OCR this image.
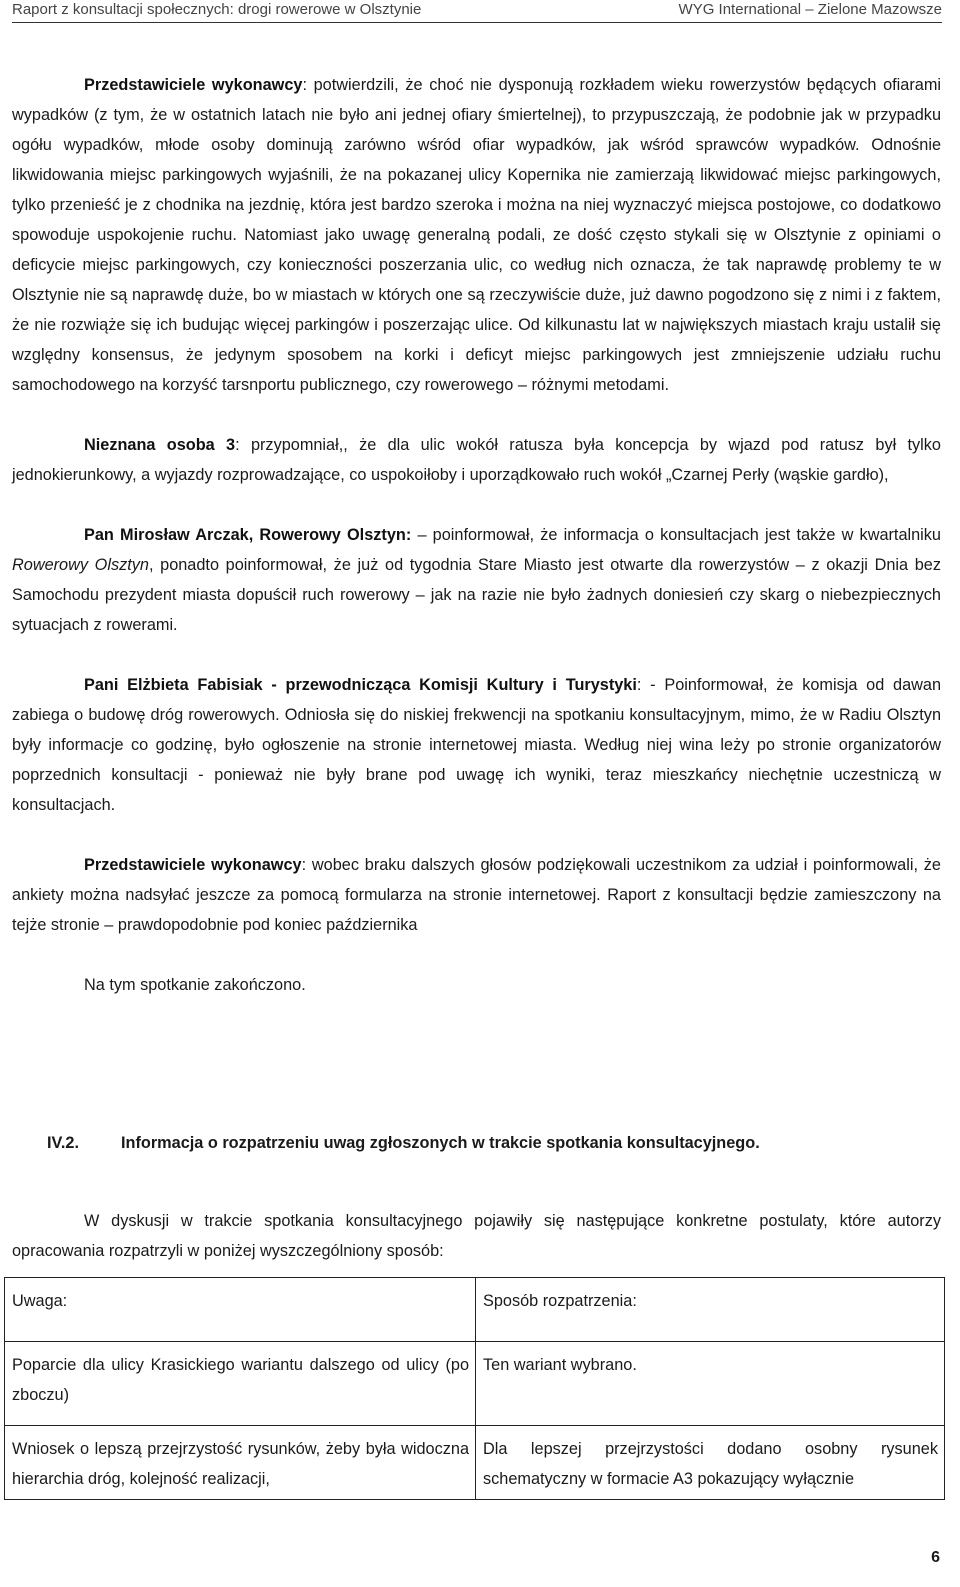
Raport z konsultacji społecznych: drogi rowerowe w Olsztynie	WYG International – Zielone Mazowsze

Przedstawiciele wykonawcy: potwierdzili, że choć nie dysponują rozkładem wieku rowerzystów będących ofiarami wypadków (z tym, że w ostatnich latach nie było ani jednej ofiary śmiertelnej), to przypuszczają, że podobnie jak w przypadku ogółu wypadków, młode osoby dominują zarówno wśród ofiar wypadków, jak wśród sprawców wypadków. Odnośnie likwidowania miejsc parkingowych wyjaśnili, że na pokazanej ulicy Kopernika nie zamierzają likwidować miejsc parkingowych, tylko przenieść je z chodnika na jezdnię, która jest bardzo szeroka i można na niej wyznaczyć miejsca postojowe, co dodatkowo spowoduje uspokojenie ruchu. Natomiast jako uwagę generalną podali, ze dość często stykali się w Olsztynie z opiniami o deficycie miejsc parkingowych, czy konieczności poszerzania ulic, co według nich oznacza, że tak naprawdę problemy te w Olsztynie nie są naprawdę duże, bo w miastach w których one są rzeczywiście duże, już dawno pogodzono się z nimi i z faktem, że nie rozwiąże się ich budując więcej parkingów i poszerzając ulice. Od kilkunastu lat w największych miastach kraju ustalił się względny konsensus, że jedynym sposobem na korki i deficyt miejsc parkingowych jest zmniejszenie udziału ruchu samochodowego na korzyść tarsnportu publicznego, czy rowerowego – różnymi metodami.

Nieznana osoba 3: przypomniał,, że dla ulic wokół ratusza była koncepcja by wjazd pod ratusz był tylko jednokierunkowy, a wyjazdy rozprowadzające, co uspokoiłoby i uporządkowało ruch wokół „Czarnej Perły (wąskie gardło),

Pan Mirosław Arczak, Rowerowy Olsztyn: – poinformował, że informacja o konsultacjach jest także w kwartalniku Rowerowy Olsztyn, ponadto poinformował, że już od tygodnia Stare Miasto jest otwarte dla rowerzystów – z okazji Dnia bez Samochodu prezydent miasta dopuścił ruch rowerowy – jak na razie nie było żadnych doniesień czy skarg o niebezpiecznych sytuacjach z rowerami.

Pani Elżbieta Fabisiak - przewodnicząca Komisji Kultury i Turystyki: - Poinformował, że komisja od dawan zabiega o budowę dróg rowerowych. Odniosła się do niskiej frekwencji na spotkaniu konsultacyjnym, mimo, że w Radiu Olsztyn były informacje co godzinę, było ogłoszenie na stronie internetowej miasta. Według niej wina leży po stronie organizatorów poprzednich konsultacji - ponieważ nie były brane pod uwagę ich wyniki, teraz mieszkańcy niechętnie uczestniczą w konsultacjach.

Przedstawiciele wykonawcy: wobec braku dalszych głosów podziękowali uczestnikom za udział i poinformowali, że ankiety można nadsyłać jeszcze za pomocą formularza na stronie internetowej. Raport z konsultacji będzie zamieszczony na tejże stronie – prawdopodobnie pod koniec października

Na tym spotkanie zakończono.

IV.2.	Informacja o rozpatrzeniu uwag zgłoszonych w trakcie spotkania konsultacyjnego.

W dyskusji w trakcie spotkania konsultacyjnego pojawiły się następujące konkretne postulaty, które autorzy opracowania rozpatrzyli w poniżej wyszczególniony sposób:

Uwaga:	Sposób rozpatrzenia:
Poparcie dla ulicy Krasickiego wariantu dalszego od ulicy (po zboczu)	Ten wariant wybrano.
Wniosek o lepszą przejrzystość rysunków, żeby była widoczna hierarchia dróg, kolejność realizacji,	Dla lepszej przejrzystości dodano osobny rysunek schematyczny w formacie A3 pokazujący wyłącznie
6
